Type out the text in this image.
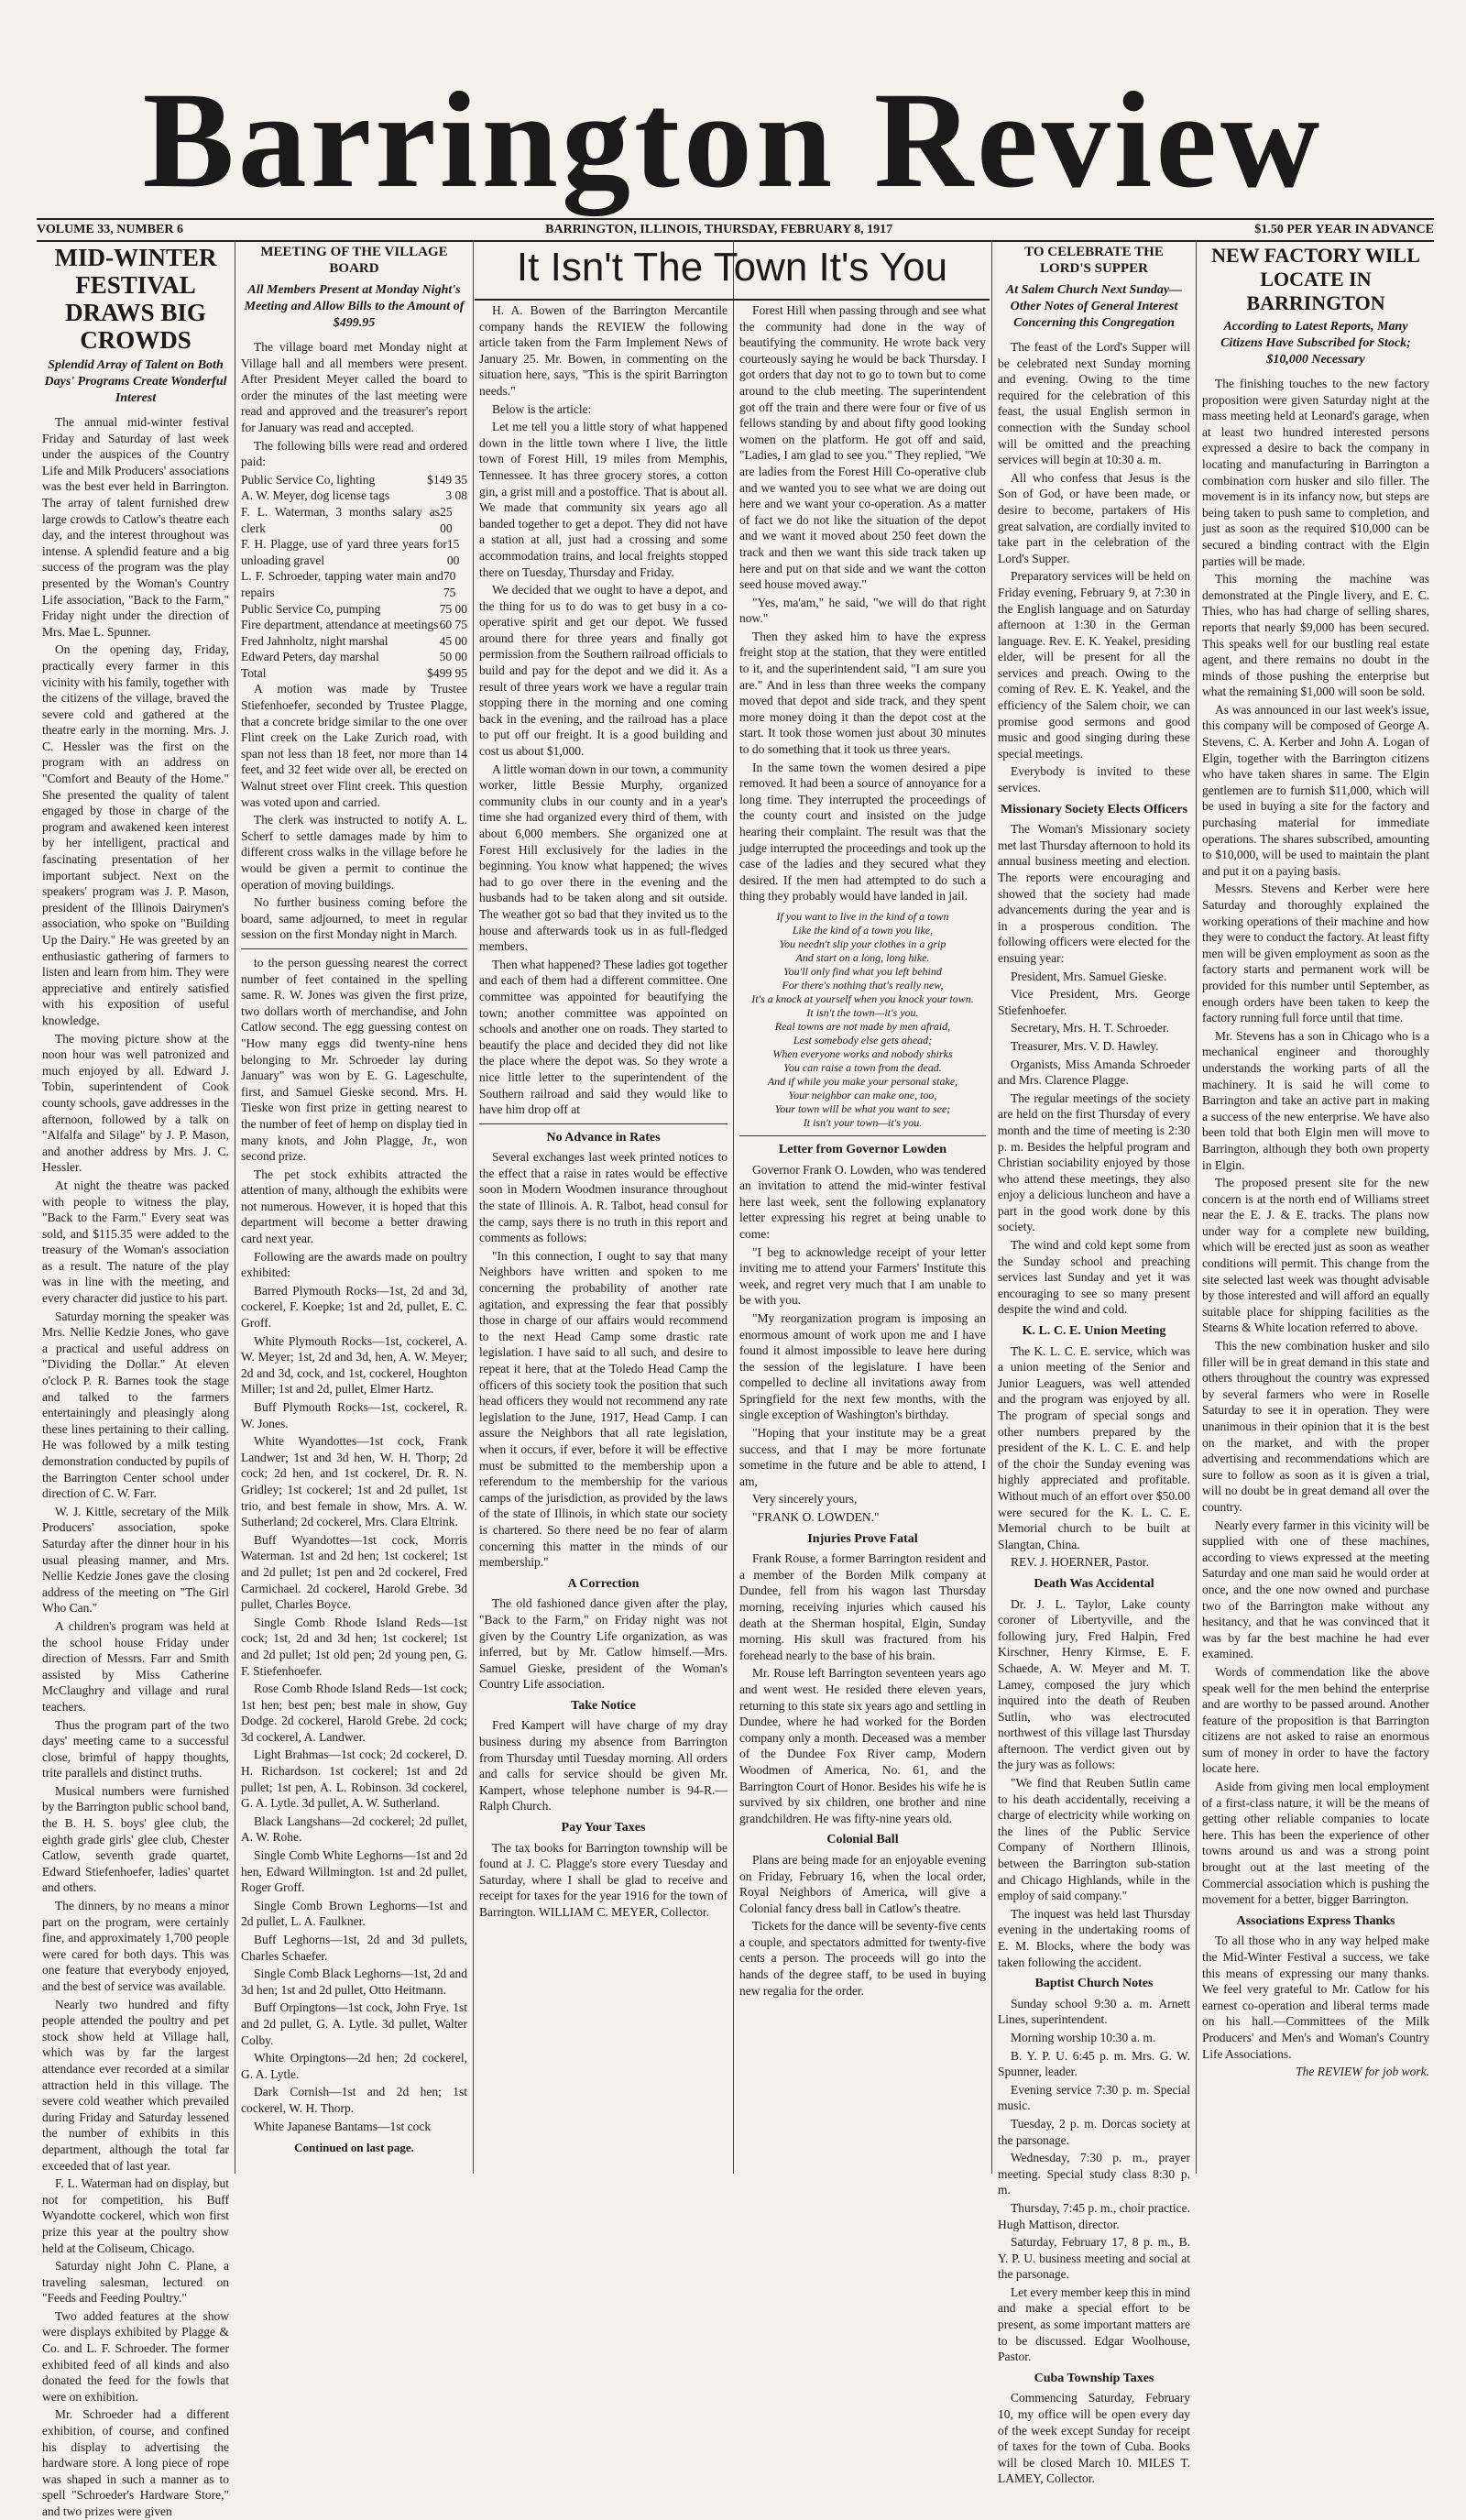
Barrington Review
VOLUME 33, NUMBER 6	BARRINGTON, ILLINOIS, THURSDAY, FEBRUARY 8, 1917	$1.50 PER YEAR IN ADVANCE
It Isn't The Town It's You
MID-WINTER FESTIVAL DRAWS BIG CROWDS
Splendid Array of Talent on Both Days' Programs Create Wonderful Interest

The annual mid-winter festival Friday and Saturday of last week under the auspices of the Country Life and Milk Producers' associations was the best ever held in Barrington. The array of talent furnished drew large crowds to Catlow's theatre each day, and the interest throughout was intense. A splendid feature and a big success of the program was the play presented by the Woman's Country Life association, "Back to the Farm," Friday night under the direction of Mrs. Mae L. Spunner.

On the opening day, Friday, practically every farmer in this vicinity with his family, together with the citizens of the village, braved the severe cold and gathered at the theatre early in the morning. Mrs. J. C. Hessler was the first on the program with an address on "Comfort and Beauty of the Home." She presented the quality of talent engaged by those in charge of the program and awakened keen interest by her intelligent, practical and fascinating presentation of her important subject. Next on the speakers' program was J. P. Mason, president of the Illinois Dairymen's association, who spoke on "Building Up the Dairy." He was greeted by an enthusiastic gathering of farmers to listen and learn from him. They were appreciative and entirely satisfied with his exposition of useful knowledge.

The moving picture show at the noon hour was well patronized and much enjoyed by all. Edward J. Tobin, superintendent of Cook county schools, gave addresses in the afternoon, followed by a talk on "Alfalfa and Silage" by J. P. Mason, and another address by Mrs. J. C. Hessler.

At night the theatre was packed with people to witness the play, "Back to the Farm." Every seat was sold, and $115.35 were added to the treasury of the Woman's association as a result. The nature of the play was in line with the meeting, and every character did justice to his part.

Saturday morning the speaker was Mrs. Nellie Kedzie Jones, who gave a practical and useful address on "Dividing the Dollar." At eleven o'clock P. R. Barnes took the stage and talked to the farmers entertainingly and pleasingly along these lines pertaining to their calling. He was followed by a milk testing demonstration conducted by pupils of the Barrington Center school under direction of C. W. Farr.

W. J. Kittle, secretary of the Milk Producers' association, spoke Saturday after the dinner hour in his usual pleasing manner, and Mrs. Nellie Kedzie Jones gave the closing address of the meeting on "The Girl Who Can."

A children's program was held at the school house Friday under direction of Messrs. Farr and Smith assisted by Miss Catherine McClaughry and village and rural teachers.

Thus the program part of the two days' meeting came to a successful close, brimful of happy thoughts, trite parallels and distinct truths.

Musical numbers were furnished by the Barrington public school band, the B. H. S. boys' glee club, the eighth grade girls' glee club, Chester Catlow, seventh grade quartet, Edward Stiefenhoefer, ladies' quartet and others.

The dinners, by no means a minor part on the program, were certainly fine, and approximately 1,700 people were cared for both days. This was one feature that everybody enjoyed, and the best of service was available.

Nearly two hundred and fifty people attended the poultry and pet stock show held at Village hall, which was by far the largest attendance ever recorded at a similar attraction held in this village. The severe cold weather which prevailed during Friday and Saturday lessened the number of exhibits in this department, although the total far exceeded that of last year.

F. L. Waterman had on display, but not for competition, his Buff Wyandotte cockerel, which won first prize this year at the poultry show held at the Coliseum, Chicago.

Saturday night John C. Plane, a traveling salesman, lectured on "Feeds and Feeding Poultry."

Two added features at the show were displays exhibited by Plagge & Co. and L. F. Schroeder. The former exhibited feed of all kinds and also donated the feed for the fowls that were on exhibition.

Mr. Schroeder had a different exhibition, of course, and confined his display to advertising the hardware store. A long piece of rope was shaped in such a manner as to spell "Schroeder's Hardware Store," and two prizes were given

MEETING OF THE VILLAGE BOARD
All Members Present at Monday Night's Meeting and Allow Bills to the Amount of $499.95

The village board met Monday night at Village hall and all members were present. After President Meyer called the board to order the minutes of the last meeting were read and approved and the treasurer's report for January was read and accepted.

The following bills were read and ordered paid:

Public Service Co, lighting	$149 35
A. W. Meyer, dog license tags	3 08
F. L. Waterman, 3 months salary as clerk
25 00
F. H. Plagge, use of yard three years for unloading gravel
15 00
L. F. Schroeder, tapping water main and repairs
70 75
Public Service Co, pumping	75 00
Fire department, attendance at meetings 60 75
Fred Jahnholtz, night marshal	45 00
Edward Peters, day marshal	50 00
Total	$499 95

A motion was made by Trustee Stiefenhoefer, seconded by Trustee Plagge, that a concrete bridge similar to the one over Flint creek on the Lake Zurich road, with span not less than 18 feet, nor more than 14 feet, and 32 feet wide over all, be erected on Walnut street over Flint creek. This question was voted upon and carried.

The clerk was instructed to notify A. L. Scherf to settle damages made by him to different cross walks in the village before he would be given a permit to continue the operation of moving buildings.

No further business coming before the board, same adjourned, to meet in regular session on the first Monday night in March.

to the person guessing nearest the correct number of feet contained in the spelling same. R. W. Jones was given the first prize, two dollars worth of merchandise, and John Catlow second. The egg guessing contest on "How many eggs did twenty-nine hens belonging to Mr. Schroeder lay during January" was won by E. G. Lageschulte, first, and Samuel Gieske second. Mrs. H. Tieske won first prize in getting nearest to the number of feet of hemp on display tied in many knots, and John Plagge, Jr., won second prize.

The pet stock exhibits attracted the attention of many, although the exhibits were not numerous. However, it is hoped that this department will become a better drawing card next year.

Following are the awards made on poultry exhibited:

Barred Plymouth Rocks—1st, 2d and 3d, cockerel, F. Koepke; 1st and 2d, pullet, E. C. Groff.

White Plymouth Rocks—1st, cockerel, A. W. Meyer; 1st, 2d and 3d, hen, A. W. Meyer; 2d and 3d, cock, and 1st, cockerel, Houghton Miller; 1st and 2d, pullet, Elmer Hartz.

Buff Plymouth Rocks—1st, cockerel, R. W. Jones.

White Wyandottes—1st cock, Frank Landwer; 1st and 3d hen, W. H. Thorp; 2d cock; 2d hen, and 1st cockerel, Dr. R. N. Gridley; 1st cockerel; 1st and 2d pullet, 1st trio, and best female in show, Mrs. A. W. Sutherland; 2d cockerel, Mrs. Clara Eltrink.

Buff Wyandottes—1st cock, Morris Waterman. 1st and 2d hen; 1st cockerel; 1st and 2d pullet; 1st pen and 2d cockerel, Fred Carmichael. 2d cockerel, Harold Grebe. 3d pullet, Charles Boyce.

Single Comb Rhode Island Reds—1st cock; 1st, 2d and 3d hen; 1st cockerel; 1st and 2d pullet; 1st old pen; 2d young pen, G. F. Stiefenhoefer.

Rose Comb Rhode Island Reds—1st cock; 1st hen; best pen; best male in show, Guy Dodge. 2d cockerel, Harold Grebe. 2d cock; 3d cockerel, A. Landwer.

Light Brahmas—1st cock; 2d cockerel, D. H. Richardson. 1st cockerel; 1st and 2d pullet; 1st pen, A. L. Robinson. 3d cockerel, G. A. Lytle. 3d pullet, A. W. Sutherland.

Black Langshans—2d cockerel; 2d pullet, A. W. Rohe.

Single Comb White Leghorns—1st and 2d hen, Edward Willmington. 1st and 2d pullet, Roger Groff.

Single Comb Brown Leghorns—1st and 2d pullet, L. A. Faulkner.

Buff Leghorns—1st, 2d and 3d pullets, Charles Schaefer.

Single Comb Black Leghorns—1st, 2d and 3d hen; 1st and 2d pullet, Otto Heitmann.

Buff Orpingtons—1st cock, John Frye. 1st and 2d pullet, G. A. Lytle. 3d pullet, Walter Colby.

White Orpingtons—2d hen; 2d cockerel, G. A. Lytle.

Dark Cornish—1st and 2d hen; 1st cockerel, W. H. Thorp.

White Japanese Bantams—1st cock

Continued on last page.

H. A. Bowen of the Barrington Mercantile company hands the REVIEW the following article taken from the Farm Implement News of January 25. Mr. Bowen, in commenting on the situation here, says, "This is the spirit Barrington needs."

Below is the article:

Let me tell you a little story of what happened down in the little town where I live, the little town of Forest Hill, 19 miles from Memphis, Tennessee. It has three grocery stores, a cotton gin, a grist mill and a postoffice. That is about all. We made that community six years ago all banded together to get a depot. They did not have a station at all, just had a crossing and some accommodation trains, and local freights stopped there on Tuesday, Thursday and Friday.

We decided that we ought to have a depot, and the thing for us to do was to get busy in a co-operative spirit and get our depot. We fussed around there for three years and finally got permission from the Southern railroad officials to build and pay for the depot and we did it. As a result of three years work we have a regular train stopping there in the morning and one coming back in the evening, and the railroad has a place to put off our freight. It is a good building and cost us about $1,000.

A little woman down in our town, a community worker, little Bessie Murphy, organized community clubs in our county and in a year's time she had organized every third of them, with about 6,000 members. She organized one at Forest Hill exclusively for the ladies in the beginning. You know what happened; the wives had to go over there in the evening and the husbands had to be taken along and sit outside. The weather got so bad that they invited us to the house and afterwards took us in as full-fledged members.

Then what happened? These ladies got together and each of them had a different committee. One committee was appointed for beautifying the town; another committee was appointed on schools and another one on roads. They started to beautify the place and decided they did not like the place where the depot was. So they wrote a nice little letter to the superintendent of the Southern railroad and said they would like to have him drop off at

No Advance in Rates

Several exchanges last week printed notices to the effect that a raise in rates would be effective soon in Modern Woodmen insurance throughout the state of Illinois. A. R. Talbot, head consul for the camp, says there is no truth in this report and comments as follows:

"In this connection, I ought to say that many Neighbors have written and spoken to me concerning the probability of another rate agitation, and expressing the fear that possibly those in charge of our affairs would recommend to the next Head Camp some drastic rate legislation. I have said to all such, and desire to repeat it here, that at the Toledo Head Camp the officers of this society took the position that such head officers they would not recommend any rate legislation to the June, 1917, Head Camp. I can assure the Neighbors that all rate legislation, when it occurs, if ever, before it will be effective must be submitted to the membership upon a referendum to the membership for the various camps of the jurisdiction, as provided by the laws of the state of Illinois, in which state our society is chartered. So there need be no fear of alarm concerning this matter in the minds of our membership."

A Correction

The old fashioned dance given after the play, "Back to the Farm," on Friday night was not given by the Country Life organization, as was inferred, but by Mr. Catlow himself.—Mrs. Samuel Gieske, president of the Woman's Country Life association.

Take Notice

Fred Kampert will have charge of my dray business during my absence from Barrington from Thursday until Tuesday morning. All orders and calls for service should be given Mr. Kampert, whose telephone number is 94-R.—Ralph Church.

Pay Your Taxes

The tax books for Barrington township will be found at J. C. Plagge's store every Tuesday and Saturday, where I shall be glad to receive and receipt for taxes for the year 1916 for the town of Barrington. WILLIAM C. MEYER, Collector.

Forest Hill when passing through and see what the community had done in the way of beautifying the community. He wrote back very courteously saying he would be back Thursday. I got orders that day not to go to town but to come around to the club meeting. The superintendent got off the train and there were four or five of us fellows standing by and about fifty good looking women on the platform. He got off and said, "Ladies, I am glad to see you." They replied, "We are ladies from the Forest Hill Co-operative club and we wanted you to see what we are doing out here and we want your co-operation. As a matter of fact we do not like the situation of the depot and we want it moved about 250 feet down the track and then we want this side track taken up here and put on that side and we want the cotton seed house moved away."

"Yes, ma'am," he said, "we will do that right now."

Then they asked him to have the express freight stop at the station, that they were entitled to it, and the superintendent said, "I am sure you are." And in less than three weeks the company moved that depot and side track, and they spent more money doing it than the depot cost at the start. It took those women just about 30 minutes to do something that it took us three years.

In the same town the women desired a pipe removed. It had been a source of annoyance for a long time. They interrupted the proceedings of the county court and insisted on the judge hearing their complaint. The result was that the judge interrupted the proceedings and took up the case of the ladies and they secured what they desired. If the men had attempted to do such a thing they probably would have landed in jail.

If you want to live in the kind of a town
Like the kind of a town you like,
You needn't slip your clothes in a grip
And start on a long, long hike.
You'll only find what you left behind
For there's nothing that's really new,
It's a knock at yourself when you knock your town.
It isn't the town—it's you.
Real towns are not made by men afraid,
Lest somebody else gets ahead;
When everyone works and nobody shirks
You can raise a town from the dead.
And if while you make your personal stake,
Your neighbor can make one, too,
Your town will be what you want to see;
It isn't your town—it's you.
Letter from Governor Lowden

Governor Frank O. Lowden, who was tendered an invitation to attend the mid-winter festival here last week, sent the following explanatory letter expressing his regret at being unable to come:

"I beg to acknowledge receipt of your letter inviting me to attend your Farmers' Institute this week, and regret very much that I am unable to be with you.

"My reorganization program is imposing an enormous amount of work upon me and I have found it almost impossible to leave here during the session of the legislature. I have been compelled to decline all invitations away from Springfield for the next few months, with the single exception of Washington's birthday.

"Hoping that your institute may be a great success, and that I may be more fortunate sometime in the future and be able to attend, I am,

Very sincerely yours,

"FRANK O. LOWDEN."

Injuries Prove Fatal

Frank Rouse, a former Barrington resident and a member of the Borden Milk company at Dundee, fell from his wagon last Thursday morning, receiving injuries which caused his death at the Sherman hospital, Elgin, Sunday morning. His skull was fractured from his forehead nearly to the base of his brain.

Mr. Rouse left Barrington seventeen years ago and went west. He resided there eleven years, returning to this state six years ago and settling in Dundee, where he had worked for the Borden company only a month. Deceased was a member of the Dundee Fox River camp, Modern Woodmen of America, No. 61, and the Barrington Court of Honor. Besides his wife he is survived by six children, one brother and nine grandchildren. He was fifty-nine years old.

Colonial Ball

Plans are being made for an enjoyable evening on Friday, February 16, when the local order, Royal Neighbors of America, will give a Colonial fancy dress ball in Catlow's theatre.

Tickets for the dance will be seventy-five cents a couple, and spectators admitted for twenty-five cents a person. The proceeds will go into the hands of the degree staff, to be used in buying new regalia for the order.

TO CELEBRATE THE LORD'S SUPPER
At Salem Church Next Sunday—Other Notes of General Interest Concerning this Congregation

The feast of the Lord's Supper will be celebrated next Sunday morning and evening. Owing to the time required for the celebration of this feast, the usual English sermon in connection with the Sunday school will be omitted and the preaching services will begin at 10:30 a. m.

All who confess that Jesus is the Son of God, or have been made, or desire to become, partakers of His great salvation, are cordially invited to take part in the celebration of the Lord's Supper.

Preparatory services will be held on Friday evening, February 9, at 7:30 in the English language and on Saturday afternoon at 1:30 in the German language. Rev. E. K. Yeakel, presiding elder, will be present for all the services and preach. Owing to the coming of Rev. E. K. Yeakel, and the efficiency of the Salem choir, we can promise good sermons and good music and good singing during these special meetings.

Everybody is invited to these services.

Missionary Society Elects Officers

The Woman's Missionary society met last Thursday afternoon to hold its annual business meeting and election. The reports were encouraging and showed that the society had made advancements during the year and is in a prosperous condition. The following officers were elected for the ensuing year:

President, Mrs. Samuel Gieske.

Vice President, Mrs. George Stiefenhoefer.

Secretary, Mrs. H. T. Schroeder.

Treasurer, Mrs. V. D. Hawley.

Organists, Miss Amanda Schroeder and Mrs. Clarence Plagge.

The regular meetings of the society are held on the first Thursday of every month and the time of meeting is 2:30 p. m. Besides the helpful program and Christian sociability enjoyed by those who attend these meetings, they also enjoy a delicious luncheon and have a part in the good work done by this society.

The wind and cold kept some from the Sunday school and preaching services last Sunday and yet it was encouraging to see so many present despite the wind and cold.

K. L. C. E. Union Meeting

The K. L. C. E. service, which was a union meeting of the Senior and Junior Leaguers, was well attended and the program was enjoyed by all. The program of special songs and other numbers prepared by the president of the K. L. C. E. and help of the choir the Sunday evening was highly appreciated and profitable. Without much of an effort over $50.00 were secured for the K. L. C. E. Memorial church to be built at Slangtan, China.

REV. J. HOERNER, Pastor.

Death Was Accidental

Dr. J. L. Taylor, Lake county coroner of Libertyville, and the following jury, Fred Halpin, Fred Kirschner, Henry Kirmse, E. F. Schaede, A. W. Meyer and M. T. Lamey, composed the jury which inquired into the death of Reuben Sutlin, who was electrocuted northwest of this village last Thursday afternoon. The verdict given out by the jury was as follows:

"We find that Reuben Sutlin came to his death accidentally, receiving a charge of electricity while working on the lines of the Public Service Company of Northern Illinois, between the Barrington sub-station and Chicago Highlands, while in the employ of said company."

The inquest was held last Thursday evening in the undertaking rooms of E. M. Blocks, where the body was taken following the accident.

Baptist Church Notes

Sunday school 9:30 a. m. Arnett Lines, superintendent.

Morning worship 10:30 a. m.

B. Y. P. U. 6:45 p. m. Mrs. G. W. Spunner, leader.

Evening service 7:30 p. m. Special music.

Tuesday, 2 p. m. Dorcas society at the parsonage.

Wednesday, 7:30 p. m., prayer meeting. Special study class 8:30 p. m.

Thursday, 7:45 p. m., choir practice. Hugh Mattison, director.

Saturday, February 17, 8 p. m., B. Y. P. U. business meeting and social at the parsonage.

Let every member keep this in mind and make a special effort to be present, as some important matters are to be discussed. Edgar Woolhouse, Pastor.

Cuba Township Taxes

Commencing Saturday, February 10, my office will be open every day of the week except Sunday for receipt of taxes for the town of Cuba. Books will be closed March 10. MILES T. LAMEY, Collector.

NEW FACTORY WILL LOCATE IN BARRINGTON
According to Latest Reports, Many Citizens Have Subscribed for Stock; $10,000 Necessary

The finishing touches to the new factory proposition were given Saturday night at the mass meeting held at Leonard's garage, when at least two hundred interested persons expressed a desire to back the company in locating and manufacturing in Barrington a combination corn husker and silo filler. The movement is in its infancy now, but steps are being taken to push same to completion, and just as soon as the required $10,000 can be secured a binding contract with the Elgin parties will be made.

This morning the machine was demonstrated at the Pingle livery, and E. C. Thies, who has had charge of selling shares, reports that nearly $9,000 has been secured. This speaks well for our bustling real estate agent, and there remains no doubt in the minds of those pushing the enterprise but what the remaining $1,000 will soon be sold.

As was announced in our last week's issue, this company will be composed of George A. Stevens, C. A. Kerber and John A. Logan of Elgin, together with the Barrington citizens who have taken shares in same. The Elgin gentlemen are to furnish $11,000, which will be used in buying a site for the factory and purchasing material for immediate operations. The shares subscribed, amounting to $10,000, will be used to maintain the plant and put it on a paying basis.

Messrs. Stevens and Kerber were here Saturday and thoroughly explained the working operations of their machine and how they were to conduct the factory. At least fifty men will be given employment as soon as the factory starts and permanent work will be provided for this number until September, as enough orders have been taken to keep the factory running full force until that time.

Mr. Stevens has a son in Chicago who is a mechanical engineer and thoroughly understands the working parts of all the machinery. It is said he will come to Barrington and take an active part in making a success of the new enterprise. We have also been told that both Elgin men will move to Barrington, although they both own property in Elgin.

The proposed present site for the new concern is at the north end of Williams street near the E. J. & E. tracks. The plans now under way for a complete new building, which will be erected just as soon as weather conditions will permit. This change from the site selected last week was thought advisable by those interested and will afford an equally suitable place for shipping facilities as the Stearns & White location referred to above.

This the new combination husker and silo filler will be in great demand in this state and others throughout the country was expressed by several farmers who were in Roselle Saturday to see it in operation. They were unanimous in their opinion that it is the best on the market, and with the proper advertising and recommendations which are sure to follow as soon as it is given a trial, will no doubt be in great demand all over the country.

Nearly every farmer in this vicinity will be supplied with one of these machines, according to views expressed at the meeting Saturday and one man said he would order at once, and the one now owned and purchase two of the Barrington make without any hesitancy, and that he was convinced that it was by far the best machine he had ever examined.

Words of commendation like the above speak well for the men behind the enterprise and are worthy to be passed around. Another feature of the proposition is that Barrington citizens are not asked to raise an enormous sum of money in order to have the factory locate here.

Aside from giving men local employment of a first-class nature, it will be the means of getting other reliable companies to locate here. This has been the experience of other towns around us and was a strong point brought out at the last meeting of the Commercial association which is pushing the movement for a better, bigger Barrington.

Associations Express Thanks

To all those who in any way helped make the Mid-Winter Festival a success, we take this means of expressing our many thanks. We feel very grateful to Mr. Catlow for his earnest co-operation and liberal terms made on his hall.—Committees of the Milk Producers' and Men's and Woman's Country Life Associations.

The REVIEW for job work.
